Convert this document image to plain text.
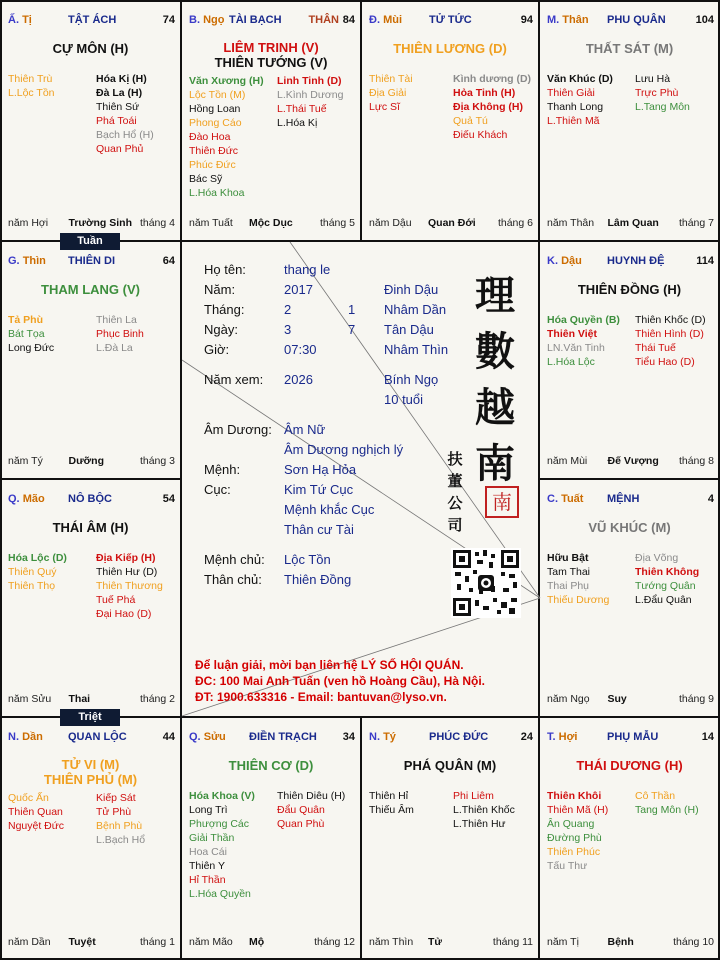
Ấ. Tị	TẬT ÁCH	74
CỰ MÔN (H)
Thiên Trù
L.Lộc Tồn
Hóa Kị (H)
Đà La (H)
Thiên Sứ
Phá Toái
Bạch Hổ (H)
Quan Phủ
năm Hợi Trường Sinh tháng 4
B. Ngọ TÀI BẠCH THÂN 84
LIÊM TRINH (V)
THIÊN TƯỚNG (V)
Văn Xương (H)
Lộc Tồn (M)
Hồng Loan
Phong Cáo
Đào Hoa
Thiên Đức
Phúc Đức
Bác Sỹ
L.Hóa Khoa
Linh Tinh (D)
L.Kình Dương
L.Thái Tuế
L.Hóa Kị
năm Tuất Mộc Dục	tháng 5
Đ. Mùi TỬ TỨC	94
THIÊN LƯƠNG (D)
Thiên Tài
Địa Giải
Lực Sĩ
Kình dương (D)
Hỏa Tinh (H)
Địa Không (H)
Quả Tú
Điếu Khách
năm Dậu Quan Đới tháng 6
M. Thân PHU QUÂN	104
THẤT SÁT (M)
Văn Khúc (D)
Thiên Giải
Thanh Long
L.Thiên Mã
Lưu Hà
Trực Phù
L.Tang Môn
năm Thân Lâm Quan tháng 7
G. Thìn THIÊN DI	64
THAM LANG (V)
Tả Phù
Bát Tọa
Long Đức
Thiên La
Phục Binh
L.Đà La
năm Tý Dưỡng	tháng 3
K. Dậu HUYNH ĐỆ	114
THIÊN ĐỒNG (H)
Hóa Quyền (B)
Thiên Việt
LN.Văn Tinh
L.Hóa Lộc
Thiên Khốc (D)
Thiên Hình (D)
Thái Tuế
Tiểu Hao (D)
năm Mùi Đế Vượng tháng 8
Q. Mão NÔ BỘC	54
THÁI ÂM (H)
Hóa Lộc (D)
Thiên Quý
Thiên Thọ
Địa Kiếp (H)
Thiên Hư (D)
Thiên Thương
Tuế Phá
Đại Hao (D)
năm Sửu Thai	tháng 2
C. Tuất MỆNH	4
VŨ KHÚC (M)
Hữu Bật
Tam Thai
Thai Phụ
Thiếu Dương
Địa Võng
Thiên Không
Tướng Quân
L.Đẩu Quân
năm Ngọ Suy	tháng 9
N. Dần QUAN LỘC	44
TỬ VI (M)
THIÊN PHỦ (M)
Quốc Ấn
Thiên Quan
Nguyệt Đức
Kiếp Sát
Tử Phù
Bệnh Phù
L.Bạch Hổ
năm Dần Tuyệt	tháng 1
Q. Sửu ĐIỀN TRẠCH 34
THIÊN CƠ (D)
Hóa Khoa (V)
Long Trì
Phượng Các
Giải Thần
Hoa Cái
Thiên Y
Hỉ Thần
L.Hóa Quyền
Thiên Diêu (H)
Đẩu Quân
Quan Phù
năm Mão Mộ	tháng 12
N. Tý	PHÚC ĐỨC	24
PHÁ QUÂN (M)
Thiên Hỉ
Thiếu Âm
Phi Liêm
L.Thiên Khốc
L.Thiên Hư
năm Thìn Tử	tháng 11
T. Hợi	PHỤ MẪU	14
THÁI DƯƠNG (H)
Thiên Khôi
Thiên Mã (H)
Ân Quang
Đường Phù
Thiên Phúc
Tấu Thư
Cô Thần
Tang Môn (H)
năm Tị	Bệnh	tháng 10
Tuần
Triệt
Họ tên:	thang le
Năm:	2017	Đinh Dậu
Tháng:	2	1 Nhâm Dần
Ngày:	3	7 Tân Dậu
Giờ:	07:30	Nhâm Thìn
Năm xem: 2026	Bính Ngọ
10 tuổi
Âm Dương: Âm Nữ
Âm Dương nghịch lý
Mệnh:	Sơn Hạ Hỏa
Cục:	Kim Tứ Cục
Mệnh khắc Cục
Thân cư Tài
Mệnh chủ: Lộc Tồn
Thân chủ: Thiên Đồng
理數越南
扶董公司
南
Để luận giải, mời bạn liên hệ LÝ SỐ HỘI QUÁN.
ĐC: 100 Mai Anh Tuấn (ven hồ Hoàng Cầu), Hà Nội.
ĐT: 1900.633316 - Email: bantuvan@lyso.vn.
